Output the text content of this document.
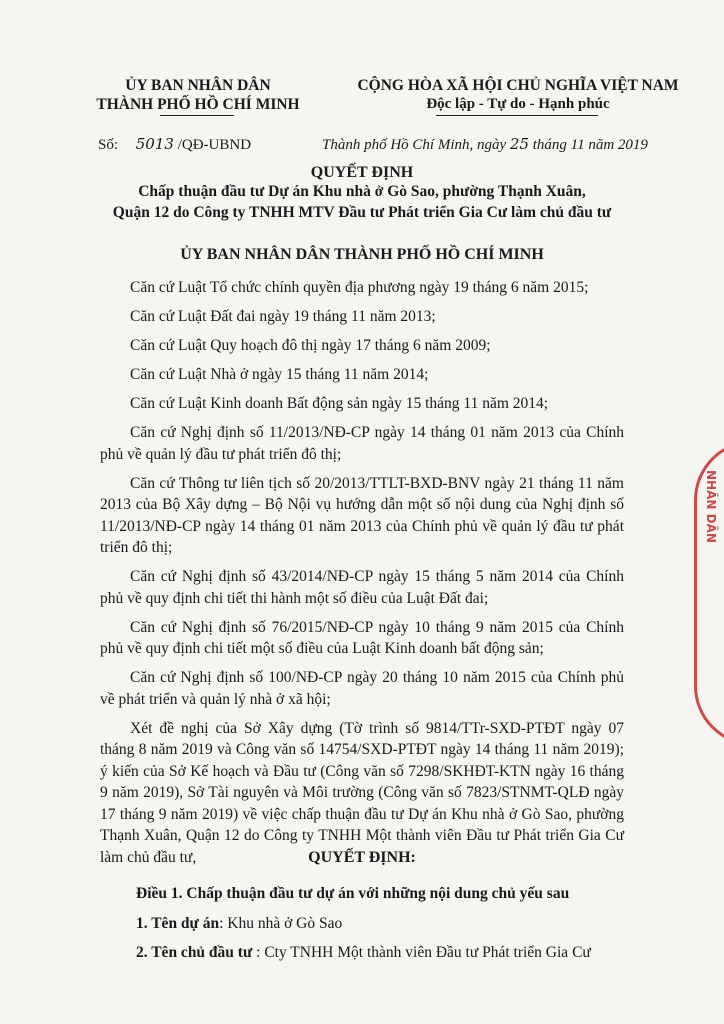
ỦY BAN NHÂN DÂN
THÀNH PHỐ HỒ CHÍ MINH
CỘNG HÒA XÃ HỘI CHỦ NGHĨA VIỆT NAM
Độc lập - Tự do - Hạnh phúc
Số: 5013 /QĐ-UBND	Thành phố Hồ Chí Minh, ngày 25 tháng 11 năm 2019
QUYẾT ĐỊNH
Chấp thuận đầu tư Dự án Khu nhà ở Gò Sao, phường Thạnh Xuân,
Quận 12 do Công ty TNHH MTV Đầu tư Phát triển Gia Cư làm chủ đầu tư
ỦY BAN NHÂN DÂN THÀNH PHỐ HỒ CHÍ MINH

Căn cứ Luật Tổ chức chính quyền địa phương ngày 19 tháng 6 năm 2015;

Căn cứ Luật Đất đai ngày 19 tháng 11 năm 2013;

Căn cứ Luật Quy hoạch đô thị ngày 17 tháng 6 năm 2009;

Căn cứ Luật Nhà ở ngày 15 tháng 11 năm 2014;

Căn cứ Luật Kinh doanh Bất động sản ngày 15 tháng 11 năm 2014;

Căn cứ Nghị định số 11/2013/NĐ-CP ngày 14 tháng 01 năm 2013 của Chính phủ về quản lý đầu tư phát triển đô thị;

Căn cứ Thông tư liên tịch số 20/2013/TTLT-BXD-BNV ngày 21 tháng 11 năm 2013 của Bộ Xây dựng – Bộ Nội vụ hướng dẫn một số nội dung của Nghị định số 11/2013/NĐ-CP ngày 14 tháng 01 năm 2013 của Chính phủ về quản lý đầu tư phát triển đô thị;

Căn cứ Nghị định số 43/2014/NĐ-CP ngày 15 tháng 5 năm 2014 của Chính phủ về quy định chi tiết thi hành một số điều của Luật Đất đai;

Căn cứ Nghị định số 76/2015/NĐ-CP ngày 10 tháng 9 năm 2015 của Chính phủ về quy định chi tiết một số điều của Luật Kinh doanh bất động sản;

Căn cứ Nghị định số 100/NĐ-CP ngày 20 tháng 10 năm 2015 của Chính phủ về phát triển và quản lý nhà ở xã hội;

Xét đề nghị của Sở Xây dựng (Tờ trình số 9814/TTr-SXD-PTĐT ngày 07 tháng 8 năm 2019 và Công văn số 14754/SXD-PTĐT ngày 14 tháng 11 năm 2019); ý kiến của Sở Kế hoạch và Đầu tư (Công văn số 7298/SKHĐT-KTN ngày 16 tháng 9 năm 2019), Sở Tài nguyên và Môi trường (Công văn số 7823/STNMT-QLĐ ngày 17 tháng 9 năm 2019) về việc chấp thuận đầu tư Dự án Khu nhà ở Gò Sao, phường Thạnh Xuân, Quận 12 do Công ty TNHH Một thành viên Đầu tư Phát triển Gia Cư làm chủ đầu tư,	QUYẾT ĐỊNH:
Điều 1. Chấp thuận đầu tư dự án với những nội dung chủ yếu sau
1. Tên dự án: Khu nhà ở Gò Sao
2. Tên chủ đầu tư : Cty TNHH Một thành viên Đầu tư Phát triển Gia Cư
NHÂN DÂN
